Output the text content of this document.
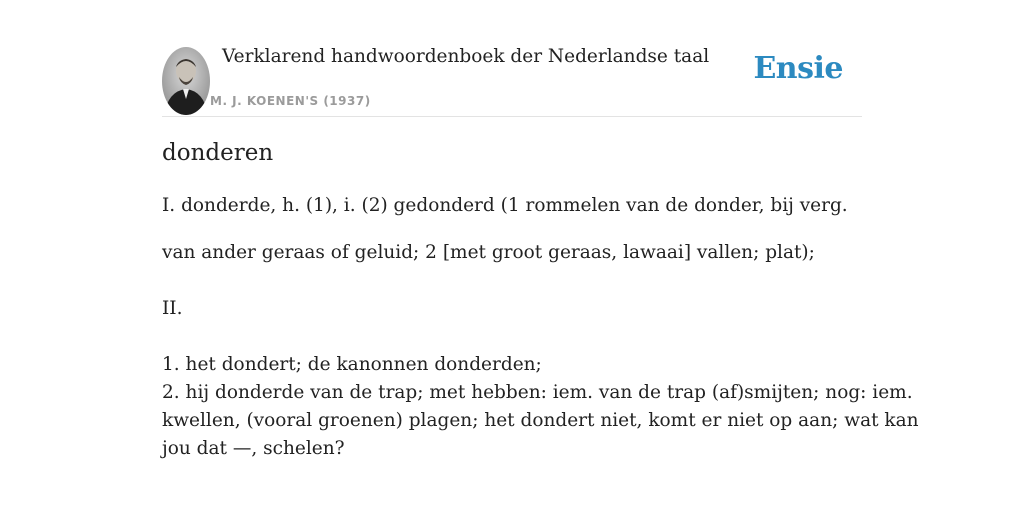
Verklarend handwoordenboek der Nederlandse taal
M. J. KOENEN'S (1937)
Ensie
donderen
I. donderde, h. (1), i. (2) gedonderd (1 rommelen van de donder, bij verg.
van ander geraas of geluid; 2 [met groot geraas, lawaai] vallen; plat);
II.
1. het dondert; de kanonnen donderden;
2. hij donderde van de trap; met hebben: iem. van de trap (af)smijten; nog: iem.
kwellen, (vooral groenen) plagen; het dondert niet, komt er niet op aan; wat kan
jou dat —, schelen?
